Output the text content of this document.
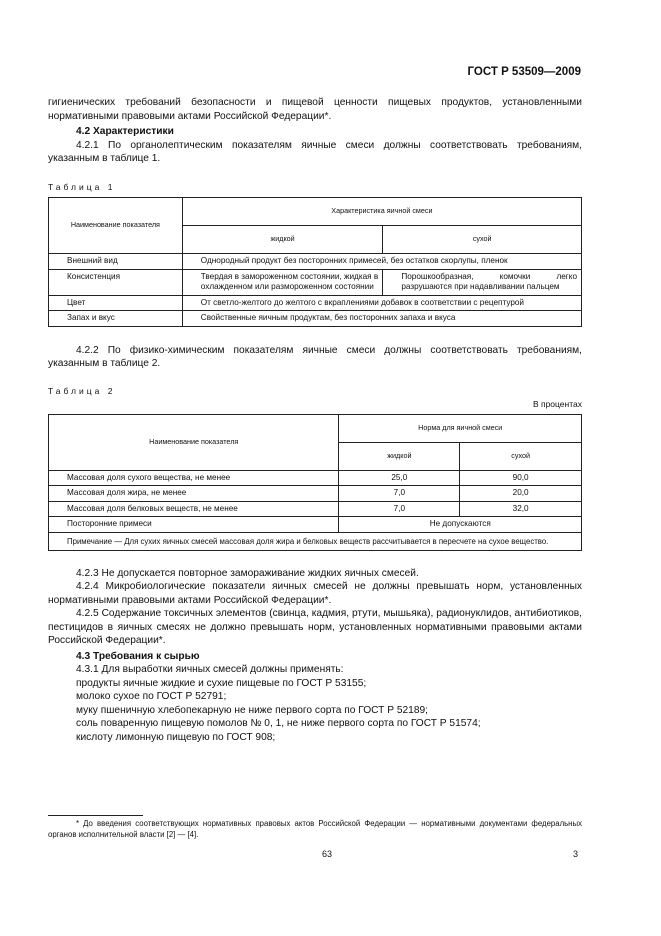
ГОСТ Р 53509—2009

гигиенических требований безопасности и пищевой ценности пищевых продуктов, установленными нормативными правовыми актами Российской Федерации*.

4.2 Характеристики

4.2.1 По органолептическим показателям яичные смеси должны соответствовать требованиям, указанным в таблице 1.

Таблица 1
Наименование показателя	Характеристика яичной смеси	
	жидкой	сухой
Внешний вид	Однородный продукт без посторонних примесей, без остатков скорлупы, пленок	
Консистенция	Твердая в замороженном состоянии, жидкая в охлажденном или размороженном состоянии	Порошкообразная, комочки легко разрушаются при надавливании пальцем
Цвет	От светло-желтого до желтого с вкраплениями добавок в соответствии с рецептурой	
Запах и вкус	Свойственные яичным продуктам, без посторонних запаха и вкуса	

4.2.2 По физико-химическим показателям яичные смеси должны соответствовать требованиям, указанным в таблице 2.

Таблица 2
В процентах
Наименование показателя	Норма для яичной смеси	
	жидкой	сухой
Массовая доля сухого вещества, не менее	25,0	90,0
Массовая доля жира, не менее	7,0	20,0
Массовая доля белковых веществ, не менее	7,0	32,0
Посторонние примеси	Не допускаются	
Примечание — Для сухих яичных смесей массовая доля жира и белковых веществ рассчитывается в пересчете на сухое вещество.		

4.2.3 Не допускается повторное замораживание жидких яичных смесей.

4.2.4 Микробиологические показатели яичных смесей не должны превышать норм, установленных нормативными правовыми актами Российской Федерации*.

4.2.5 Содержание токсичных элементов (свинца, кадмия, ртути, мышьяка), радионуклидов, антибиотиков, пестицидов в яичных смесях не должно превышать норм, установленных нормативными правовыми актами Российской Федерации*.

4.3 Требования к сырью

4.3.1 Для выработки яичных смесей должны применять:

продукты яичные жидкие и сухие пищевые по ГОСТ Р 53155;

молоко сухое по ГОСТ Р 52791;

муку пшеничную хлебопекарную не ниже первого сорта по ГОСТ Р 52189;

соль поваренную пищевую помолов № 0, 1, не ниже первого сорта по ГОСТ Р 51574;

кислоту лимонную пищевую по ГОСТ 908;

* До введения соответствующих нормативных правовых актов Российской Федерации — нормативными документами федеральных органов исполнительной власти [2] — [4].

63	3
